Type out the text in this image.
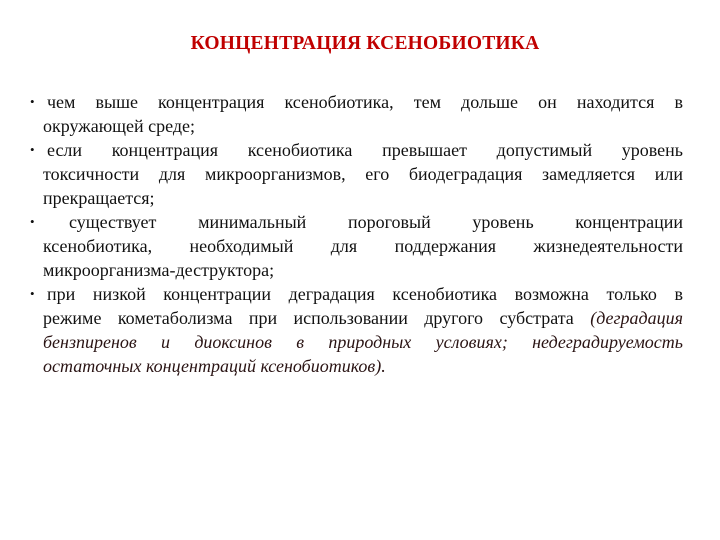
КОНЦЕНТРАЦИЯ КСЕНОБИОТИКА
• чем выше концентрация ксенобиотика, тем дольше он находится в
окружающей среде;
• если концентрация ксенобиотика превышает допустимый уровень
токсичности для микроорганизмов, его биодеградация замедляется или
прекращается;
•	существует минимальный пороговый уровень концентрации
ксенобиотика, необходимый для поддержания жизнедеятельности
микроорганизма-деструктора;
• при низкой концентрации деградация ксенобиотика возможна только в
режиме кометаболизма при использовании другого субстрата (деградация
бензпиренов и диоксинов в природных условиях; недеградируемость
остаточных концентраций ксенобиотиков).
